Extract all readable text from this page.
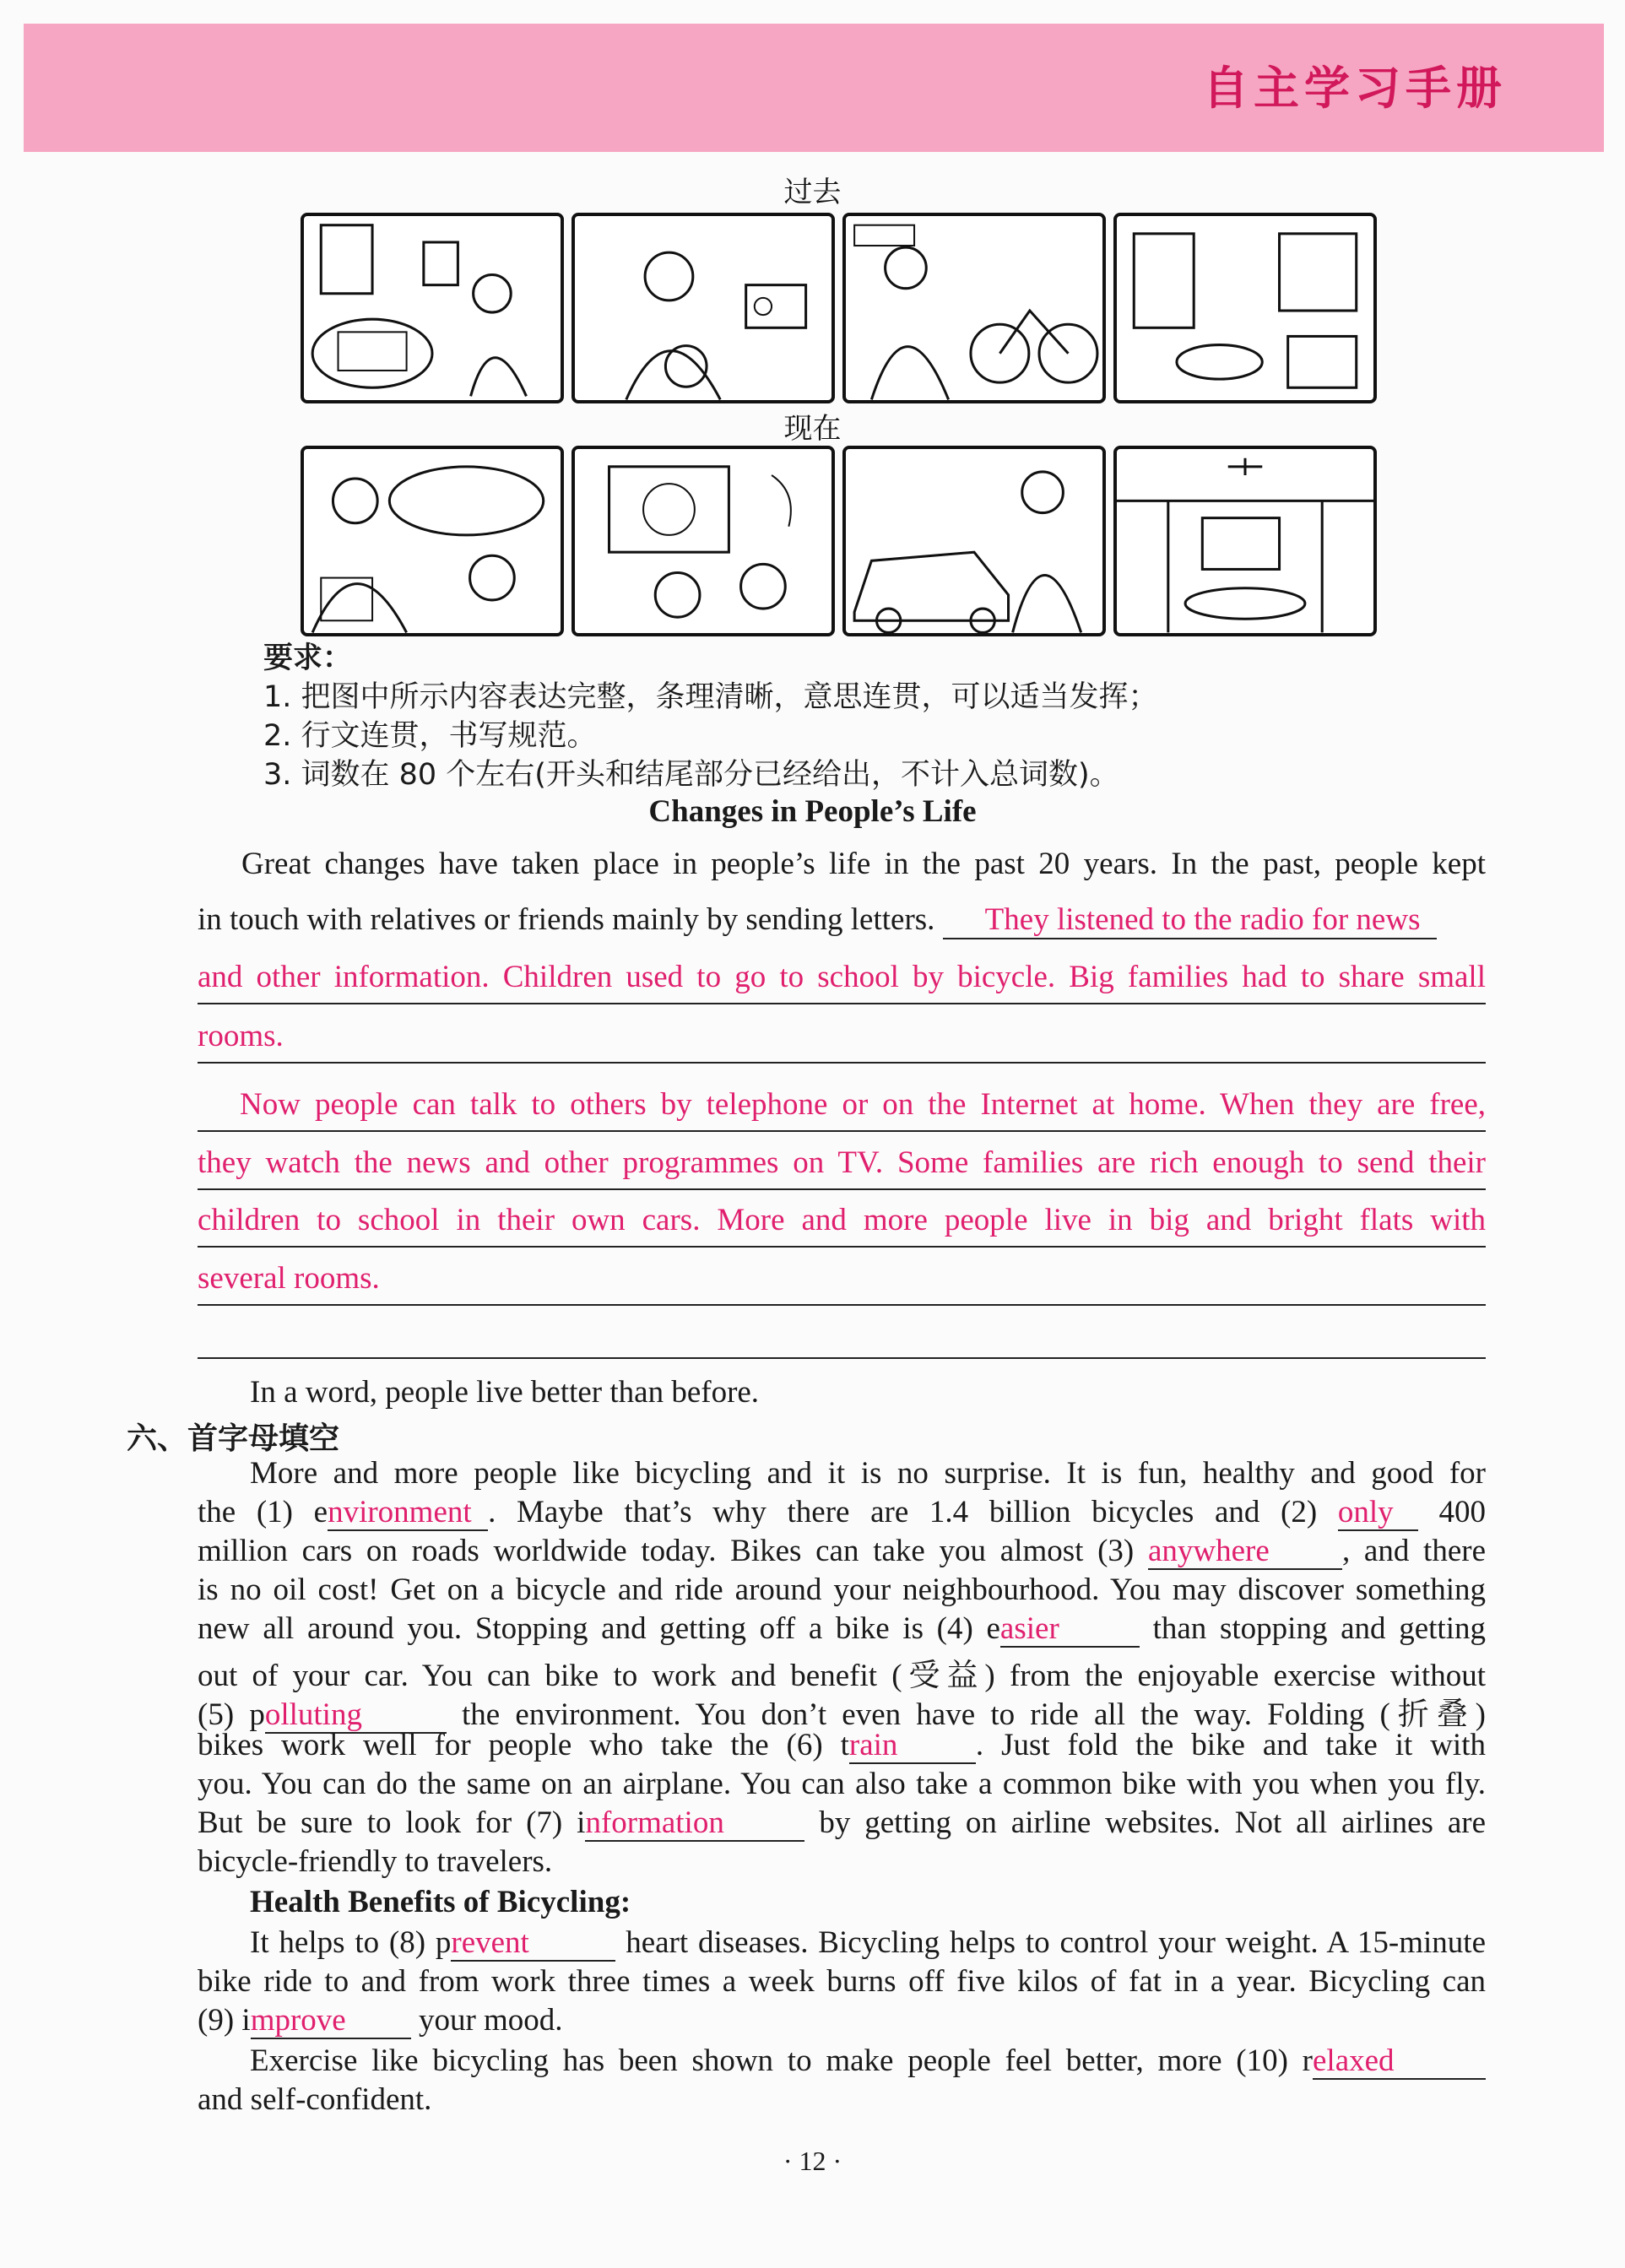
自主学习手册
过去
现在
要求：
1. 把图中所示内容表达完整，条理清晰，意思连贯，可以适当发挥；
2. 行文连贯，书写规范。
3. 词数在 80 个左右(开头和结尾部分已经给出，不计入总词数)。
Changes in People’s Life
Great changes have taken place in people’s life in the past 20 years. In the past, people kept
in touch with relatives or friends mainly by sending letters. They listened to the radio for news
and other information. Children used to go to school by bicycle. Big families had to share small
rooms.
Now people can talk to others by telephone or on the Internet at home. When they are free,
they watch the news and other programmes on TV. Some families are rich enough to send their
children to school in their own cars. More and more people live in big and bright flats with
several rooms.
In a word, people live better than before.
六、首字母填空
More and more people like bicycling and it is no surprise. It is fun, healthy and good for
the (1) environment . Maybe that’s why there are 1.4 billion bicycles and (2) only 400
million cars on roads worldwide today. Bikes can take you almost (3) anywhere , and there
is no oil cost! Get on a bicycle and ride around your neighbourhood. You may discover something
new all around you. Stopping and getting off a bike is (4) easier	than stopping and getting
out of your car. You can bike to work and benefit (受益) from the enjoyable exercise without
(5) polluting	the environment. You don’t even have to ride all the way. Folding (折叠)
bikes work well for people who take the (6) train . Just fold the bike and take it with
you. You can do the same on an airplane. You can also take a common bike with you when you fly.
But be sure to look for (7) information	by getting on airline websites. Not all airlines are
bicycle-friendly to travelers.
Health Benefits of Bicycling:
It helps to (8) prevent	heart diseases. Bicycling helps to control your weight. A 15-minute
bike ride to and from work three times a week burns off five kilos of fat in a year. Bicycling can
(9) improve your mood.
Exercise like bicycling has been shown to make people feel better, more (10) relaxed
and self-confident.
· 12 ·
